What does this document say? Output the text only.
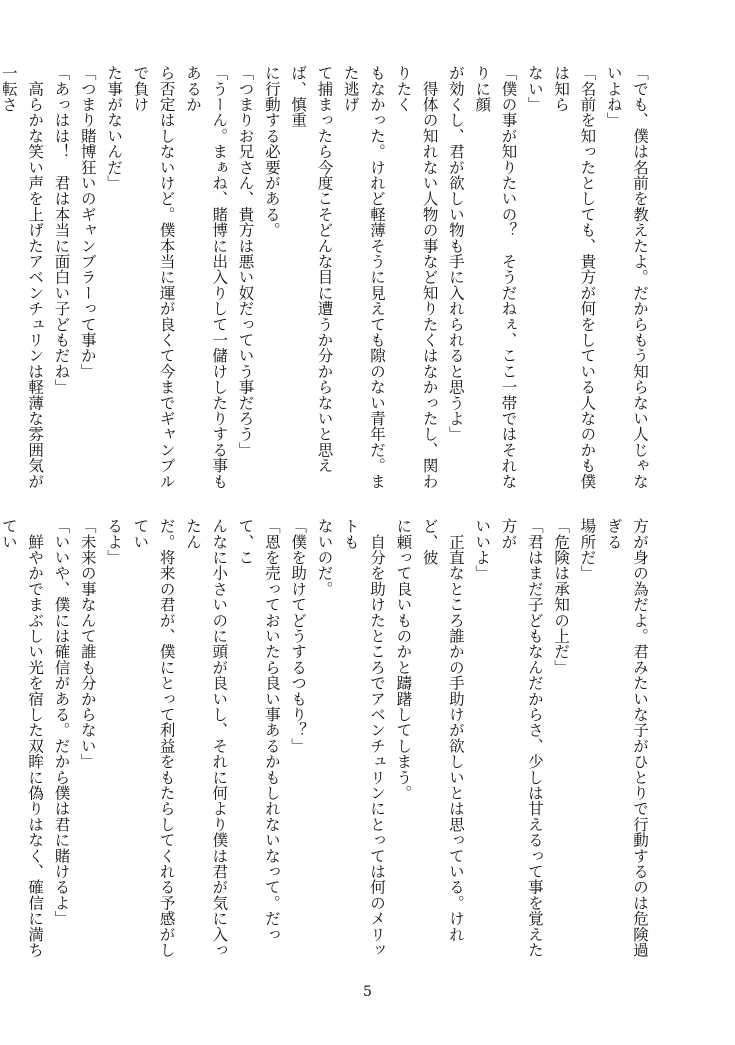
「でも、僕は名前を教えたよ。だからもう知らない人じゃないよね」
「名前を知ったとしても、貴方が何をしている人なのかも僕は知ら
ない」
「僕の事が知りたいの？　そうだねぇ、ここ一帯ではそれなりに顔
が効くし、君が欲しい物も手に入れられると思うよ」
　得体の知れない人物の事など知りたくはなかったし、関わりたく
もなかった。けれど軽薄そうに見えても隙のない青年だ。また逃げ
て捕まったら今度こそどんな目に遭うか分からないと思えば、慎重
に行動する必要がある。
「つまりお兄さん、貴方は悪い奴だっていう事だろう」
「うーん。まぁね、賭博に出入りして一儲けしたりする事もあるか
ら否定はしないけど。僕本当に運が良くて今までギャンブルで負け
た事がないんだ」
「つまり賭博狂いのギャンブラーって事か」
「あっはは！　君は本当に面白い子どもだね」
　高らかな笑い声を上げたアベンチュリンは軽薄な雰囲気が一転さ
方が身の為だよ。君みたいな子がひとりで行動するのは危険過ぎる
場所だ」
「危険は承知の上だ」
「君はまだ子どもなんだからさ、少しは甘えるって事を覚えた方が
いいよ」
　正直なところ誰かの手助けが欲しいとは思っている。けれど、彼
に頼って良いものかと躊躇してしまう。
　自分を助けたところでアベンチュリンにとっては何のメリットも
ないのだ。
「僕を助けてどうするつもり？」
「恩を売っておいたら良い事あるかもしれないなって。だって、こ
んなに小さいのに頭が良いし、それに何より僕は君が気に入ったん
だ。将来の君が、僕にとって利益をもたらしてくれる予感がしてい
るよ」
「未来の事なんて誰も分からない」
「いいや、僕には確信がある。だから僕は君に賭けるよ」
　鮮やかでまぶしい光を宿した双眸に偽りはなく、確信に満ちてい
5
